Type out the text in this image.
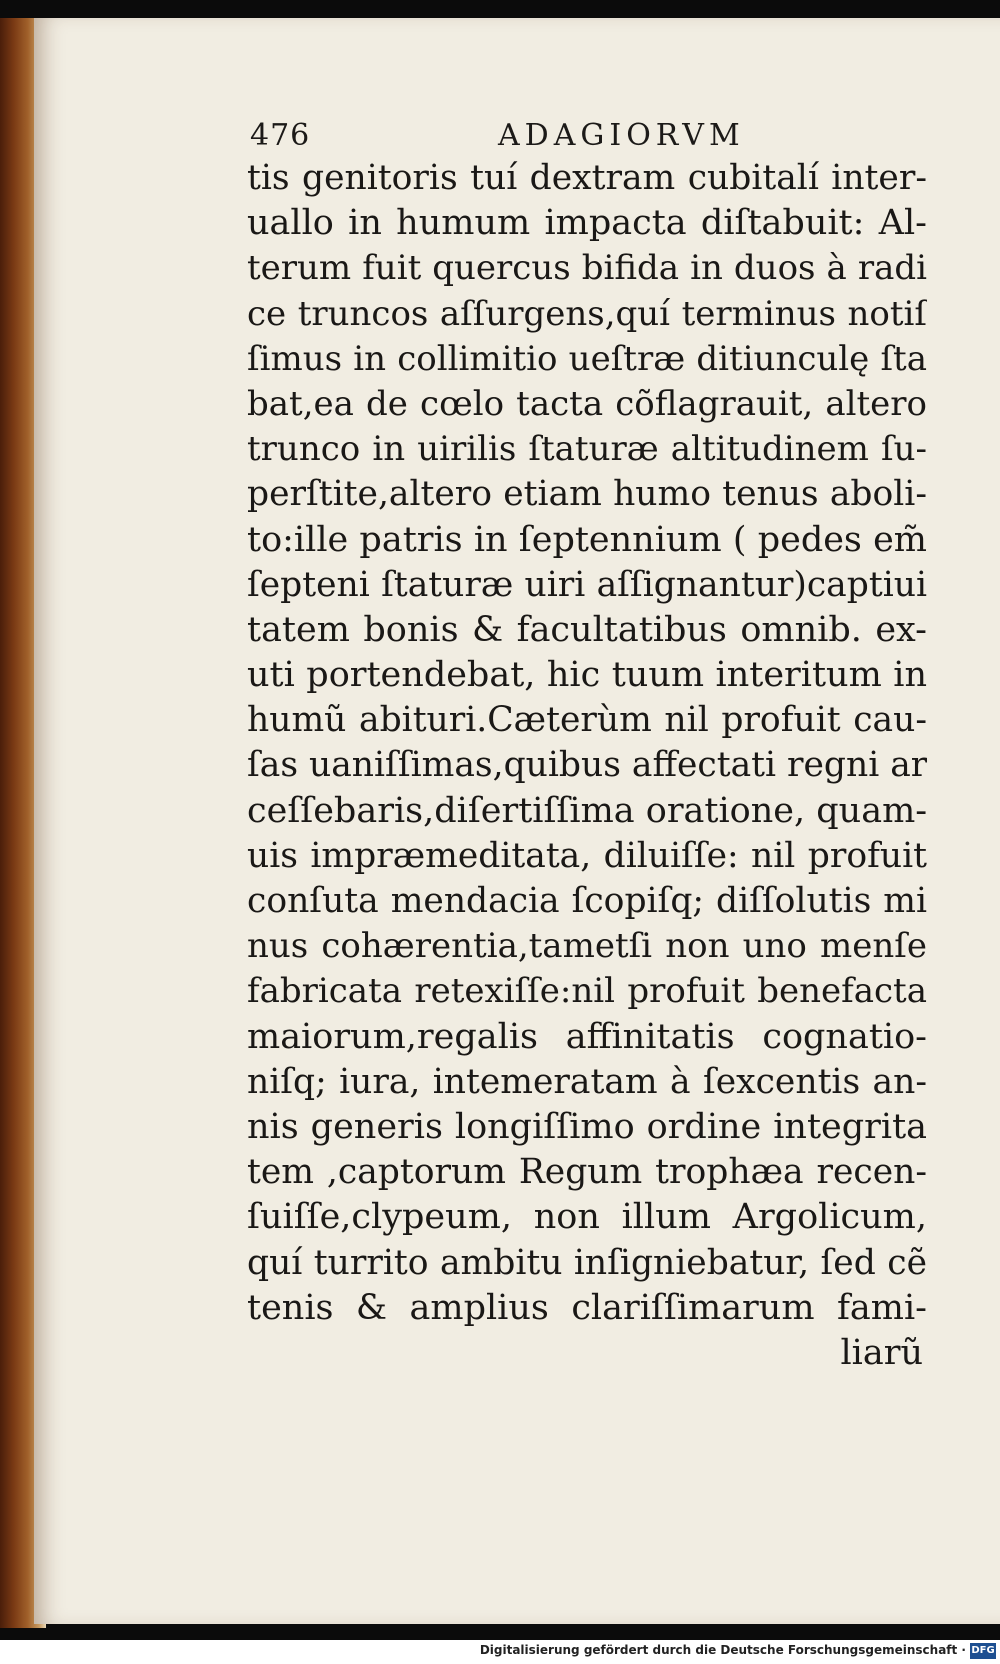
476	ADAGIORVM
tis genitoris tuí dextram cubitalí inter-
uallo in humum impacta diſtabuit: Al-
terum fuit quercus bifida in duos à radi
ce truncos aſſurgens,quí terminus notiſ
ſimus in collimitio ueſtræ ditiunculę ſta
bat,ea de cœlo tacta cõflagrauit, altero
trunco in uirilis ſtaturæ altitudinem ſu-
perſtite,altero etiam humo tenus aboli-
to:ille patris in ſeptennium ( pedes em̃
ſepteni ſtaturæ uiri aſſignantur)captiui
tatem bonis & facultatibus omnib. ex-
uti portendebat, hic tuum interitum in
humũ abituri.Cæterùm nil profuit cau-
ſas uaniſſimas,quibus affectati regni ar
ceſſebaris,diſertiſſima oratione, quam-
uis impræmeditata, diluiſſe: nil profuit
conſuta mendacia ſcopiſq; diſſolutis mi
nus cohærentia,tametſi non uno menſe
fabricata retexiſſe:nil profuit benefacta
maiorum,regalis affinitatis cognatio-
niſq; iura, intemeratam à ſexcentis an-
nis generis longiſſimo ordine integrita
tem ,captorum Regum trophæa recen-
ſuiſſe,clypeum, non illum Argolicum,
quí turrito ambitu inſigniebatur, ſed cẽ
tenis & amplius clariſſimarum fami-
liarũ
Digitalisierung gefördert durch die Deutsche Forschungsgemeinschaft · DFG
